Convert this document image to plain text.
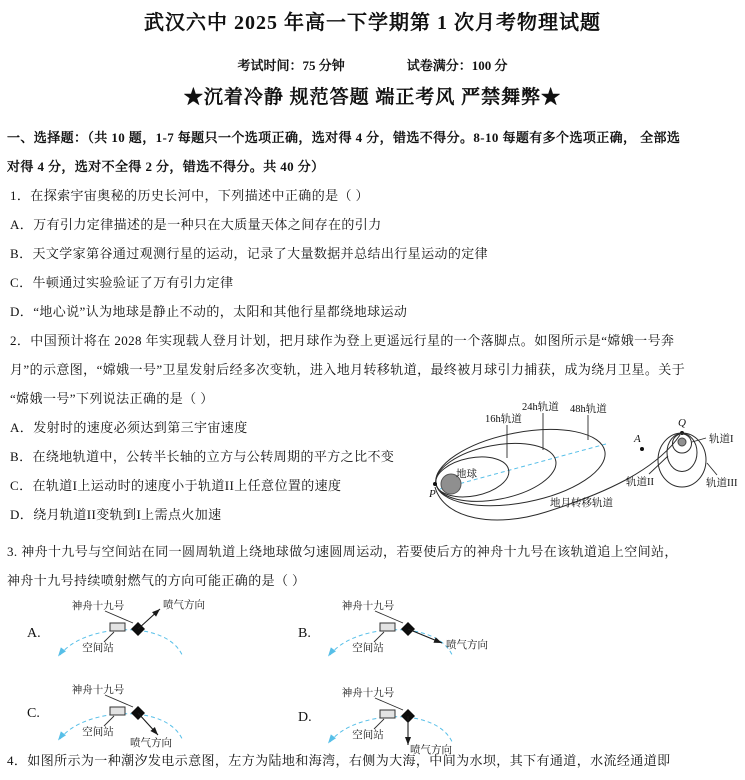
武汉六中 2025 年高一下学期第 1 次月考物理试题
考试时间：75 分钟	试卷满分：100 分
★沉着冷静 规范答题 端正考风 严禁舞弊★
一、选择题：（共 10 题，1-7 每题只一个选项正确，选对得 4 分，错选不得分。8-10 每题有多个选项正确， 全部选
对得 4 分，选对不全得 2 分，错选不得分。共 40 分）
1．在探索宇宙奥秘的历史长河中，下列描述中正确的是（ ）
A．万有引力定律描述的是一种只在大质量天体之间存在的引力
B．天文学家第谷通过观测行星的运动，记录了大量数据并总结出行星运动的定律
C．牛顿通过实验验证了万有引力定律
D．“地心说”认为地球是静止不动的，太阳和其他行星都绕地球运动
2．中国预计将在 2028 年实现载人登月计划，把月球作为登上更遥远行星的一个落脚点。如图所示是“嫦娥一号奔
月”的示意图，“嫦娥一号”卫星发射后经多次变轨，进入地月转移轨道，最终被月球引力捕获，成为绕月卫星。关于
“嫦娥一号”下列说法正确的是（ ）
A．发射时的速度必须达到第三宇宙速度
B．在绕地轨道中，公转半长轴的立方与公转周期的平方之比不变
C．在轨道I上运动时的速度小于轨道II上任意位置的速度
D．绕月轨道II变轨到I上需点火加速
16h轨道
24h轨道 48h轨道
地球
P
A
Q
轨道I
轨道II	轨道III
地月转移轨道
3. 神舟十九号与空间站在同一圆周轨道上绕地球做匀速圆周运动，若要使后方的神舟十九号在该轨道追上空间站，
神舟十九号持续喷射燃气的方向可能正确的是（ ）
A.	B.
C.	D.
神舟十九号
空间站
喷气方向	神舟十九号
空间站	喷气方向
神舟十九号
空间站
喷气方向
神舟十九号
空间站
喷气方向
4．如图所示为一种潮汐发电示意图，左方为陆地和海湾，右侧为大海，中间为水坝，其下有通道，水流经通道即
